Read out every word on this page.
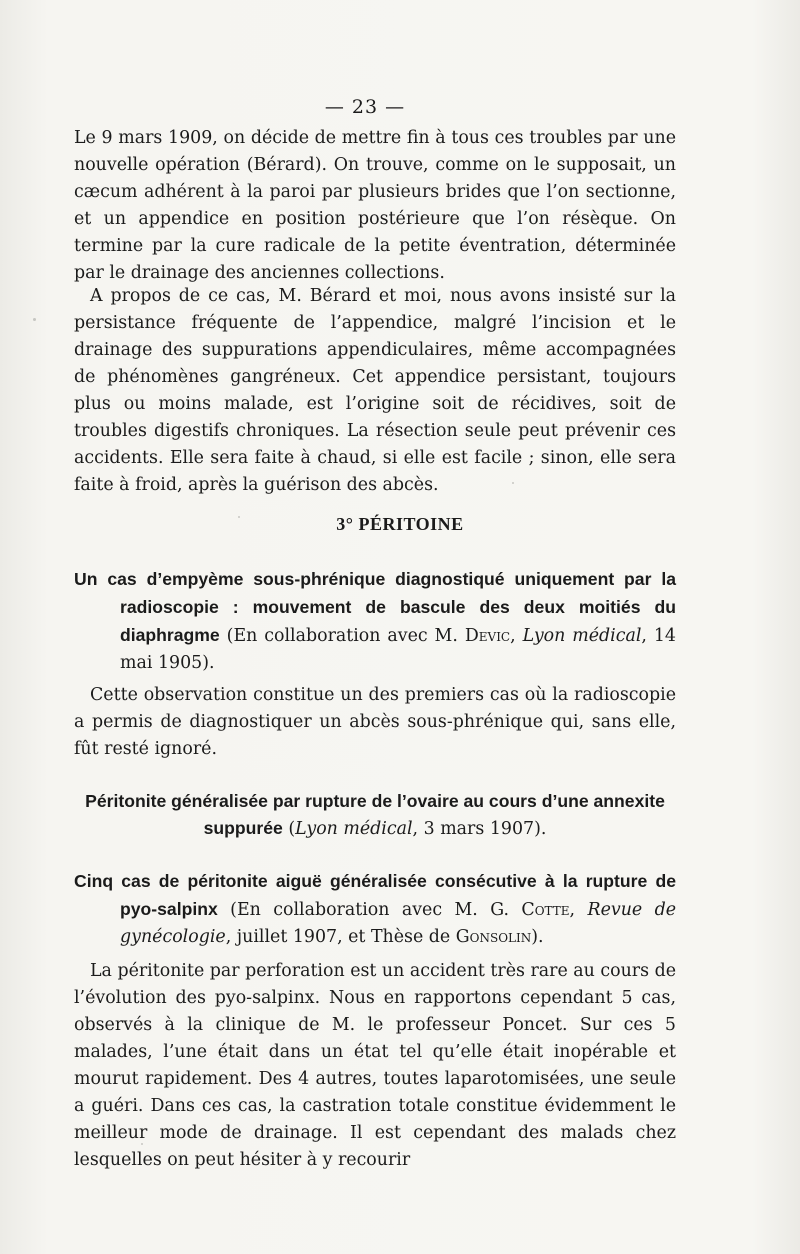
— 23 —

Le 9 mars 1909, on décide de mettre fin à tous ces troubles par une nouvelle opération (Bérard). On trouve, comme on le supposait, un cæcum adhérent à la paroi par plusieurs brides que l’on sectionne, et un appendice en position postérieure que l’on résèque. On termine par la cure radicale de la petite éventration, déterminée par le drainage des anciennes collections.

A propos de ce cas, M. Bérard et moi, nous avons insisté sur la persistance fréquente de l’appendice, malgré l’incision et le drainage des suppurations appendiculaires, même accompagnées de phénomènes gangréneux. Cet appendice persistant, toujours plus ou moins malade, est l’origine soit de récidives, soit de troubles digestifs chroniques. La résection seule peut prévenir ces accidents. Elle sera faite à chaud, si elle est facile ; sinon, elle sera faite à froid, après la guérison des abcès.

3° PÉRITOINE
Un cas d’empyème sous-phrénique diagnostiqué uniquement par la radioscopie : mouvement de bascule des deux moitiés du diaphragme (En collaboration avec M. Devic, Lyon médical, 14 mai 1905).

Cette observation constitue un des premiers cas où la radioscopie a permis de diagnostiquer un abcès sous-phrénique qui, sans elle, fût resté ignoré.

Péritonite généralisée par rupture de l’ovaire au cours d’une annexite
suppurée (Lyon médical, 3 mars 1907).
Cinq cas de péritonite aiguë généralisée consécutive à la rupture de pyo-salpinx (En collaboration avec M. G. Cotte, Revue de gynécologie, juillet 1907, et Thèse de Gonsolin).

La péritonite par perforation est un accident très rare au cours de l’évolution des pyo-salpinx. Nous en rapportons cependant 5 cas, observés à la clinique de M. le professeur Poncet. Sur ces 5 malades, l’une était dans un état tel qu’elle était inopérable et mourut rapidement. Des 4 autres, toutes laparotomisées, une seule a guéri. Dans ces cas, la castration totale constitue évidemment le meilleur mode de drainage. Il est cependant des malads chez lesquelles on peut hésiter à y recourir
